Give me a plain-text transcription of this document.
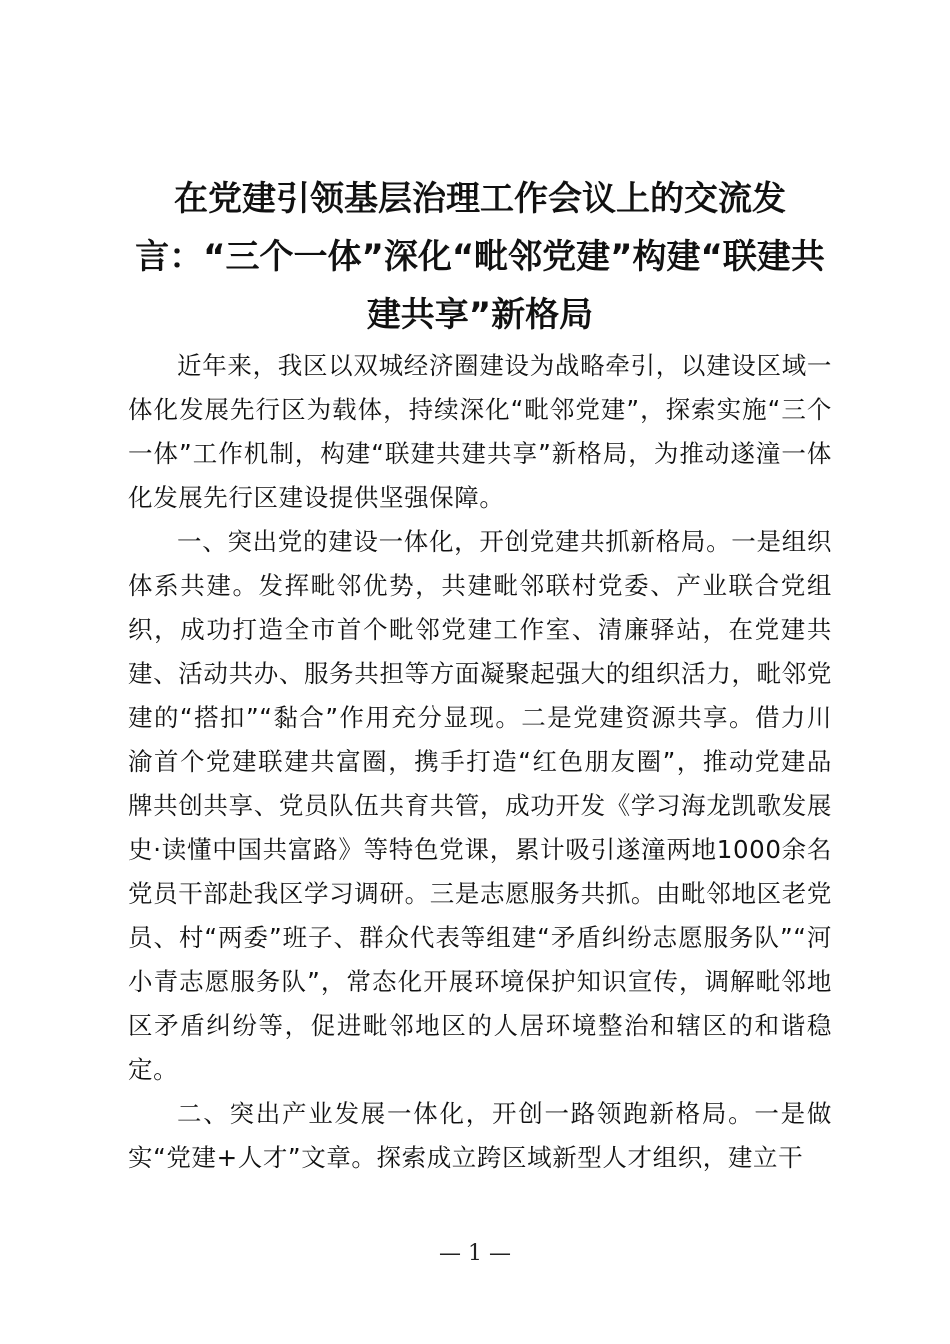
在党建引领基层治理工作会议上的交流发言：“三个一体”深化“毗邻党建”构建“联建共建共享”新格局

近年来，我区以双城经济圈建设为战略牵引，以建设区域一体化发展先行区为载体，持续深化“毗邻党建”，探索实施“三个一体”工作机制，构建“联建共建共享”新格局，为推动遂潼一体化发展先行区建设提供坚强保障。

一、突出党的建设一体化，开创党建共抓新格局。一是组织体系共建。发挥毗邻优势，共建毗邻联村党委、产业联合党组织，成功打造全市首个毗邻党建工作室、清廉驿站，在党建共建、活动共办、服务共担等方面凝聚起强大的组织活力，毗邻党建的“搭扣”“黏合”作用充分显现。二是党建资源共享。借力川渝首个党建联建共富圈，携手打造“红色朋友圈”，推动党建品牌共创共享、党员队伍共育共管，成功开发《学习海龙凯歌发展史·读懂中国共富路》等特色党课，累计吸引遂潼两地1000余名党员干部赴我区学习调研。三是志愿服务共抓。由毗邻地区老党员、村“两委”班子、群众代表等组建“矛盾纠纷志愿服务队”“河小青志愿服务队”，常态化开展环境保护知识宣传，调解毗邻地区矛盾纠纷等，促进毗邻地区的人居环境整治和辖区的和谐稳定。

二、突出产业发展一体化，开创一路领跑新格局。一是做实“党建+人才”文章。探索成立跨区域新型人才组织，建立干

— 1 —
